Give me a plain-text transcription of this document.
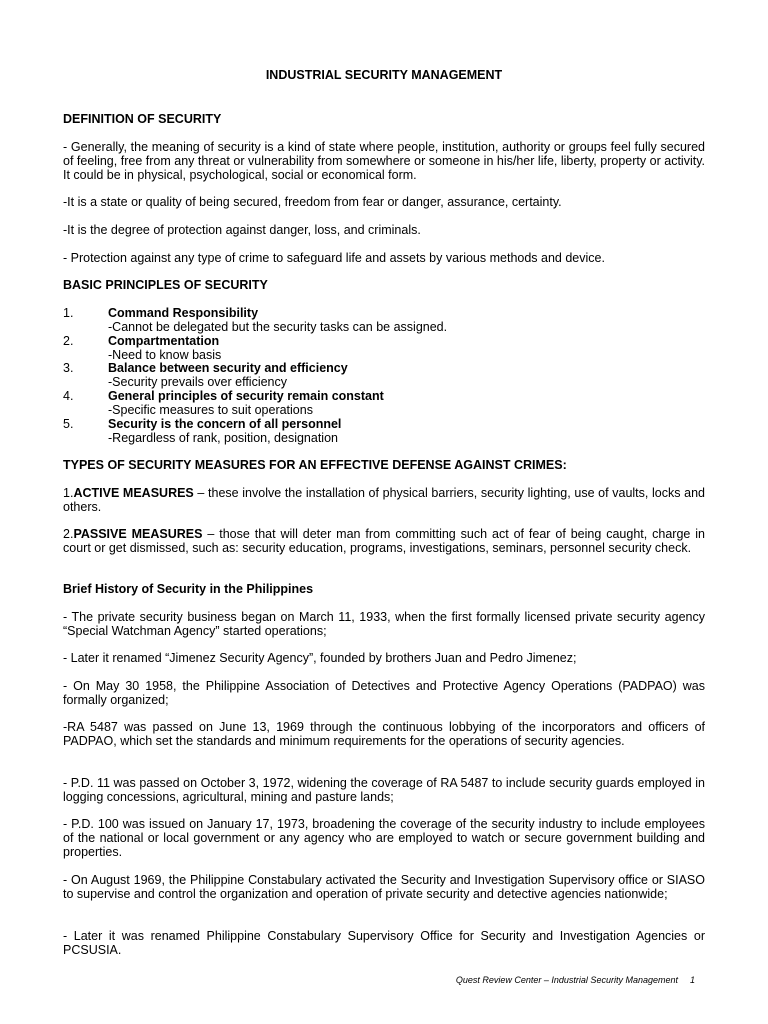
INDUSTRIAL SECURITY MANAGEMENT

DEFINITION OF SECURITY

- Generally, the meaning of security is a kind of state where people, institution, authority or groups feel fully secured of feeling, free from any threat or vulnerability from somewhere or someone in his/her life, liberty, property or activity. It could be in physical, psychological, social or economical form.

-It is a state or quality of being secured, freedom from fear or danger, assurance, certainty.

-It is the degree of protection against danger, loss, and criminals.

- Protection against any type of crime to safeguard life and assets by various methods and device.

BASIC PRINCIPLES OF SECURITY

1.	Command Responsibility
-Cannot be delegated but the security tasks can be assigned.
2.	Compartmentation
-Need to know basis
3.	Balance between security and efficiency
-Security prevails over efficiency
4.	General principles of security remain constant
-Specific measures to suit operations
5.	Security is the concern of all personnel
-Regardless of rank, position, designation

TYPES OF SECURITY MEASURES FOR AN EFFECTIVE DEFENSE AGAINST CRIMES:

1.ACTIVE MEASURES – these involve the installation of physical barriers, security lighting, use of vaults, locks and others.

2.PASSIVE MEASURES – those that will deter man from committing such act of fear of being caught, charge in court or get dismissed, such as: security education, programs, investigations, seminars, personnel security check.

Brief History of Security in the Philippines

- The private security business began on March 11, 1933, when the first formally licensed private security agency “Special Watchman Agency” started operations;

- Later it renamed “Jimenez Security Agency”, founded by brothers Juan and Pedro Jimenez;

- On May 30 1958, the Philippine Association of Detectives and Protective Agency Operations (PADPAO) was formally organized;

-RA 5487 was passed on June 13, 1969 through the continuous lobbying of the incorporators and officers of PADPAO, which set the standards and minimum requirements for the operations of security agencies.

- P.D. 11 was passed on October 3, 1972, widening the coverage of RA 5487 to include security guards employed in logging concessions, agricultural, mining and pasture lands;

- P.D. 100 was issued on January 17, 1973, broadening the coverage of the security industry to include employees of the national or local government or any agency who are employed to watch or secure government building and properties.

- On August 1969, the Philippine Constabulary activated the Security and Investigation Supervisory office or SIASO to supervise and control the organization and operation of private security and detective agencies nationwide;

- Later it was renamed Philippine Constabulary Supervisory Office for Security and Investigation Agencies or PCSUSIA.

Quest Review Center – Industrial Security Management 1
